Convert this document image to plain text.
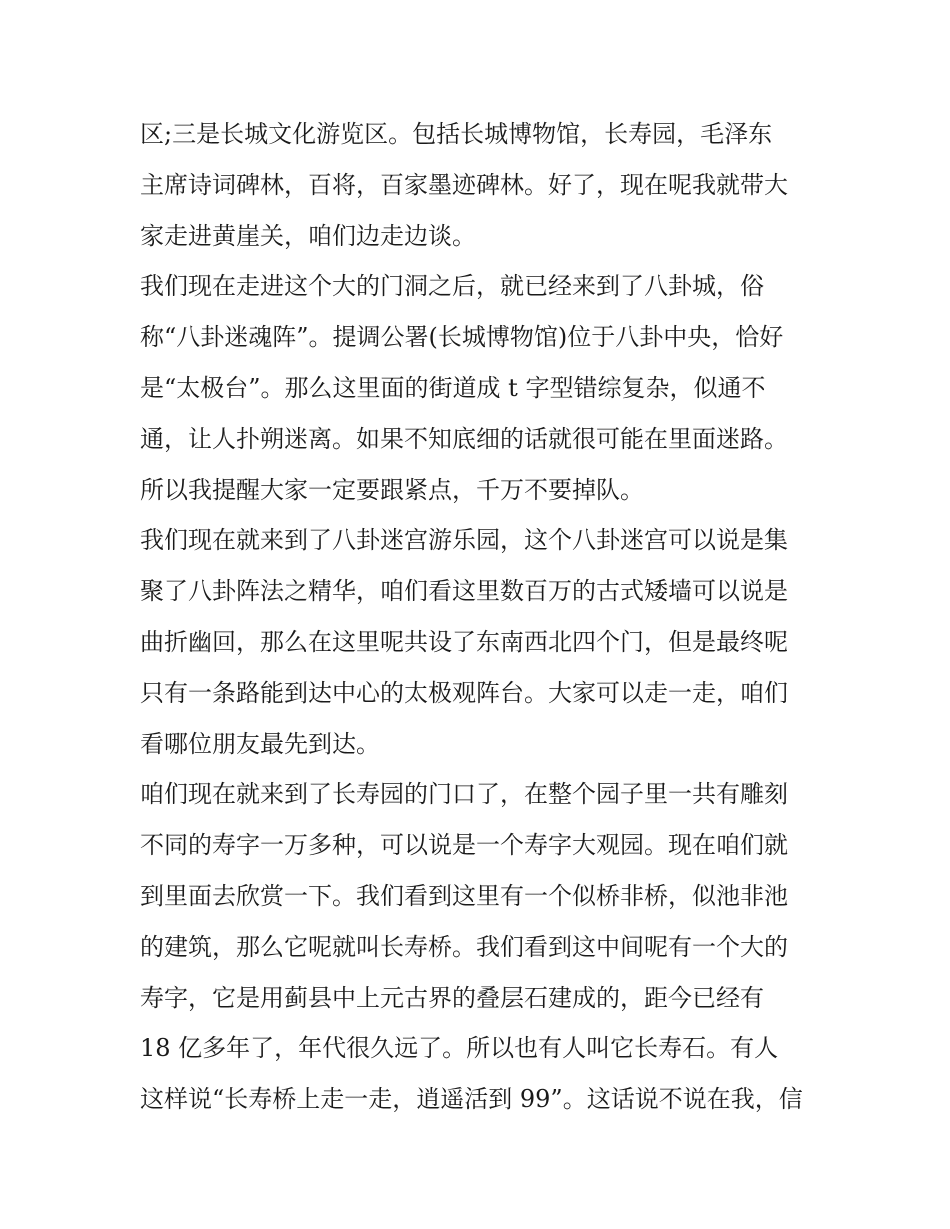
区;三是长城文化游览区。包括长城博物馆，长寿园，毛泽东
主席诗词碑林，百将，百家墨迹碑林。好了，现在呢我就带大
家走进黄崖关，咱们边走边谈。
我们现在走进这个大的门洞之后，就已经来到了八卦城，俗
称“八卦迷魂阵”。提调公署(长城博物馆)位于八卦中央，恰好
是“太极台”。那么这里面的街道成 t 字型错综复杂，似通不
通，让人扑朔迷离。如果不知底细的话就很可能在里面迷路。
所以我提醒大家一定要跟紧点，千万不要掉队。
我们现在就来到了八卦迷宫游乐园，这个八卦迷宫可以说是集
聚了八卦阵法之精华，咱们看这里数百万的古式矮墙可以说是
曲折幽回，那么在这里呢共设了东南西北四个门，但是最终呢
只有一条路能到达中心的太极观阵台。大家可以走一走，咱们
看哪位朋友最先到达。
咱们现在就来到了长寿园的门口了，在整个园子里一共有雕刻
不同的寿字一万多种，可以说是一个寿字大观园。现在咱们就
到里面去欣赏一下。我们看到这里有一个似桥非桥，似池非池
的建筑，那么它呢就叫长寿桥。我们看到这中间呢有一个大的
寿字，它是用蓟县中上元古界的叠层石建成的，距今已经有
18 亿多年了，年代很久远了。所以也有人叫它长寿石。有人
这样说“长寿桥上走一走，逍遥活到 99”。这话说不说在我，信
